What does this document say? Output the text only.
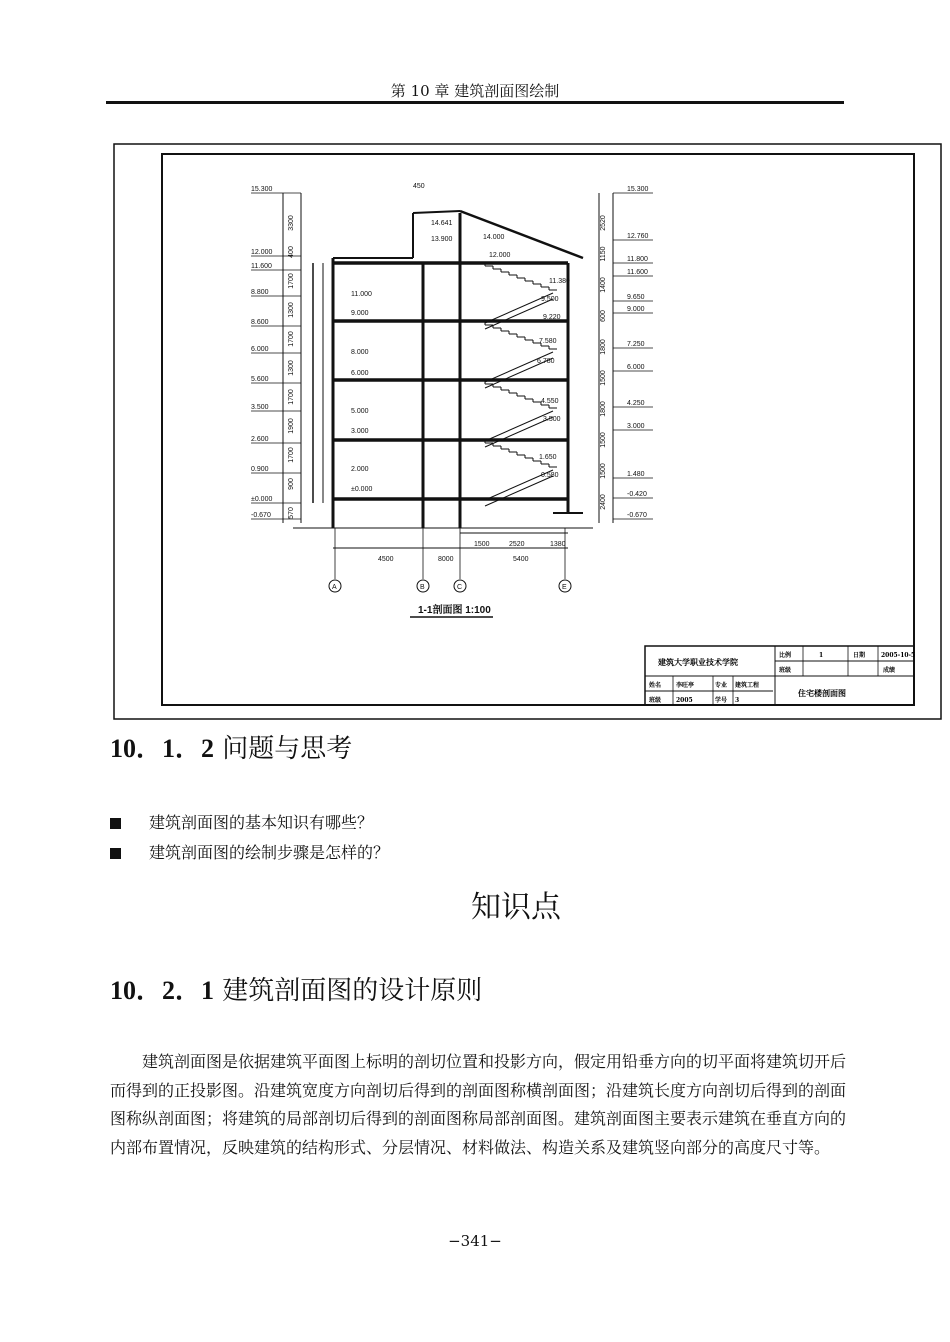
第 10 章 建筑剖面图绘制
15.300
12.000
11.600
8.800
8.600
6.000
5.600
3.500
2.600
0.900
±0.000
-0.670
3300
400
1700
1300
1700
1300
1700
1900
1700
900
570
15.300
12.760
11.800
11.600
9.650
9.000
7.250
6.000
4.250
3.000
1.480
-0.420
-0.670
2520
1150
1400
600
1800
1500
1800
1500
1500
2400
14.641
13.900	14.000
12.000
11.000
9.000
8.000
6.000
5.000
3.000
2.000
±0.000
11.380
9.500
9.220
7.580
6.780
4.550
3.500
1.650
0.580
450
4500	8000
1500	2520	1380
5400
A	B	C	E
1-1剖面图 1:100
建筑大学职业技术学院
比例	1	日期	2005-10-5
班级	成绩
姓名 李旺亭	专业 建筑工程
班级 2005	学号 3
住宅楼剖面图
10．1．2 问题与思考
建筑剖面图的基本知识有哪些？
建筑剖面图的绘制步骤是怎样的？
知识点
10．2．1 建筑剖面图的设计原则
建筑剖面图是依据建筑平面图上标明的剖切位置和投影方向，假定用铅垂方向的切平面将建筑切开后而得到的正投影图。沿建筑宽度方向剖切后得到的剖面图称横剖面图；沿建筑长度方向剖切后得到的剖面图称纵剖面图；将建筑的局部剖切后得到的剖面图称局部剖面图。建筑剖面图主要表示建筑在垂直方向的内部布置情况，反映建筑的结构形式、分层情况、材料做法、构造关系及建筑竖向部分的高度尺寸等。
−341−
